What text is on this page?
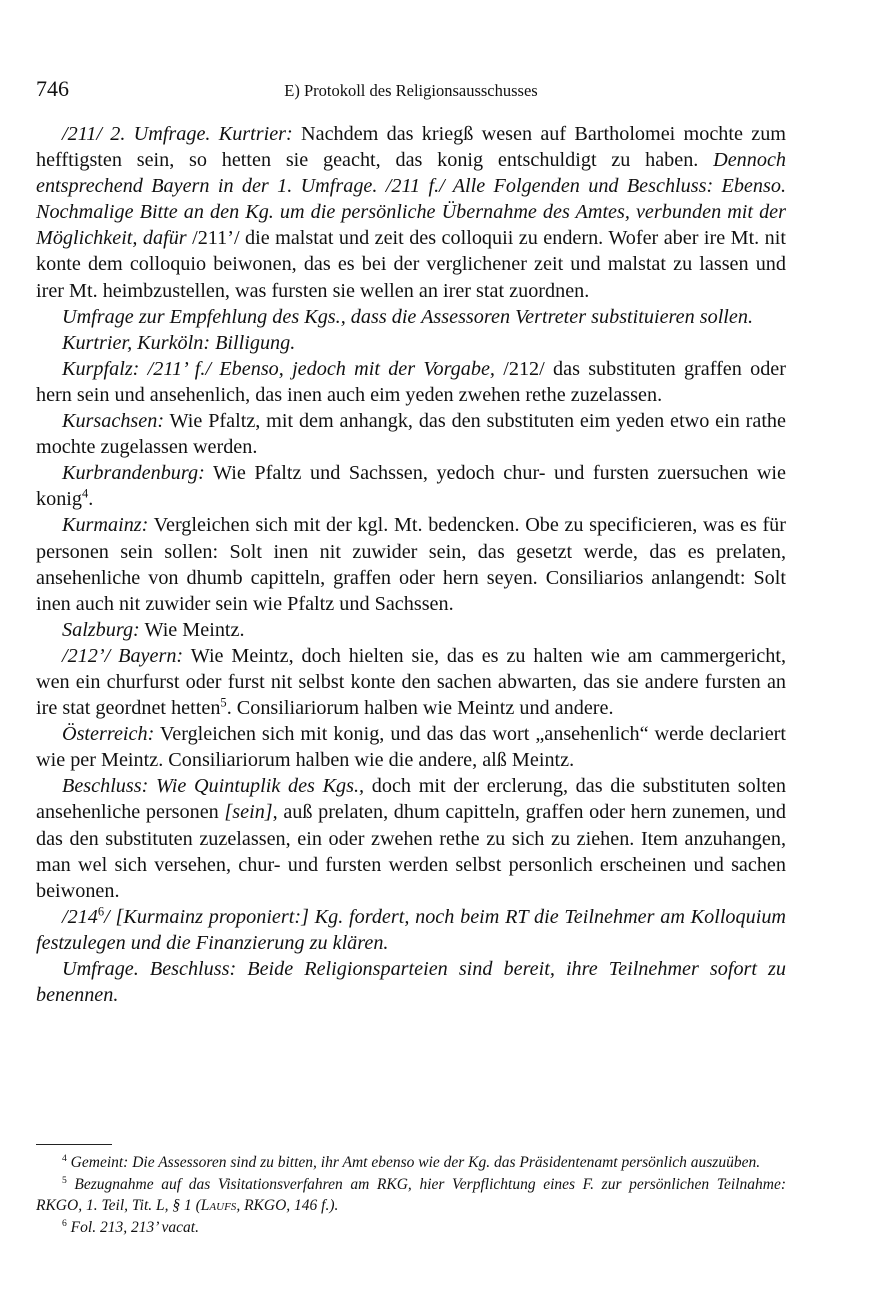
746	E) Protokoll des Religionsausschusses

/211/ 2. Umfrage. Kurtrier: Nachdem das kriegß wesen auf Bartholomei mochte zum hefftigsten sein, so hetten sie geacht, das konig entschuldigt zu haben. Dennoch entsprechend Bayern in der 1. Umfrage. /211 f./ Alle Folgenden und Beschluss: Ebenso. Nochmalige Bitte an den Kg. um die persönliche Übernahme des Amtes, verbunden mit der Möglichkeit, dafür /211’/ die malstat und zeit des colloquii zu endern. Wofer aber ire Mt. nit konte dem colloquio beiwonen, das es bei der verglichener zeit und malstat zu lassen und irer Mt. heimbzustellen, was fursten sie wellen an irer stat zuordnen.

Umfrage zur Empfehlung des Kgs., dass die Assessoren Vertreter substituieren sollen.

Kurtrier, Kurköln: Billigung.

Kurpfalz: /211’ f./ Ebenso, jedoch mit der Vorgabe, /212/ das substituten graffen oder hern sein und ansehenlich, das inen auch eim yeden zwehen rethe zuzelassen.

Kursachsen: Wie Pfaltz, mit dem anhangk, das den substituten eim yeden etwo ein rathe mochte zugelassen werden.

Kurbrandenburg: Wie Pfaltz und Sachssen, yedoch chur- und fursten zuersuchen wie konig$^4$.

Kurmainz: Vergleichen sich mit der kgl. Mt. bedencken. Obe zu specificieren, was es für personen sein sollen: Solt inen nit zuwider sein, das gesetzt werde, das es prelaten, ansehenliche von dhumb capitteln, graffen oder hern seyen. Consiliarios anlangendt: Solt inen auch nit zuwider sein wie Pfaltz und Sachssen.

Salzburg: Wie Meintz.

/212’/ Bayern: Wie Meintz, doch hielten sie, das es zu halten wie am cammergericht, wen ein churfurst oder furst nit selbst konte den sachen abwarten, das sie andere fursten an ire stat geordnet hetten$^5$. Consiliariorum halben wie Meintz und andere.

Österreich: Vergleichen sich mit konig, und das das wort „ansehenlich“ werde declariert wie per Meintz. Consiliariorum halben wie die andere, alß Meintz.

Beschluss: Wie Quintuplik des Kgs., doch mit der erclerung, das die substituten solten ansehenliche personen [sein], auß prelaten, dhum capitteln, graffen oder hern zunemen, und das den substituten zuzelassen, ein oder zwehen rethe zu sich zu ziehen. Item anzuhangen, man wel sich versehen, chur- und fursten werden selbst personlich erscheinen und sachen beiwonen.

$/214^6/$ [Kurmainz proponiert:] Kg. fordert, noch beim RT die Teilnehmer am Kolloquium festzulegen und die Finanzierung zu klären.

Umfrage. Beschluss: Beide Religionsparteien sind bereit, ihre Teilnehmer sofort zu benennen.

$^4$ Gemeint: Die Assessoren sind zu bitten, ihr Amt ebenso wie der Kg. das Präsidentenamt persönlich auszuüben.

$^5$ Bezugnahme auf das Visitationsverfahren am RKG, hier Verpflichtung eines F. zur persönlichen Teilnahme: RKGO, 1. Teil, Tit. L, § 1 (Laufs, RKGO, 146 f.).

$^6$ Fol. 213, 213’ vacat.
